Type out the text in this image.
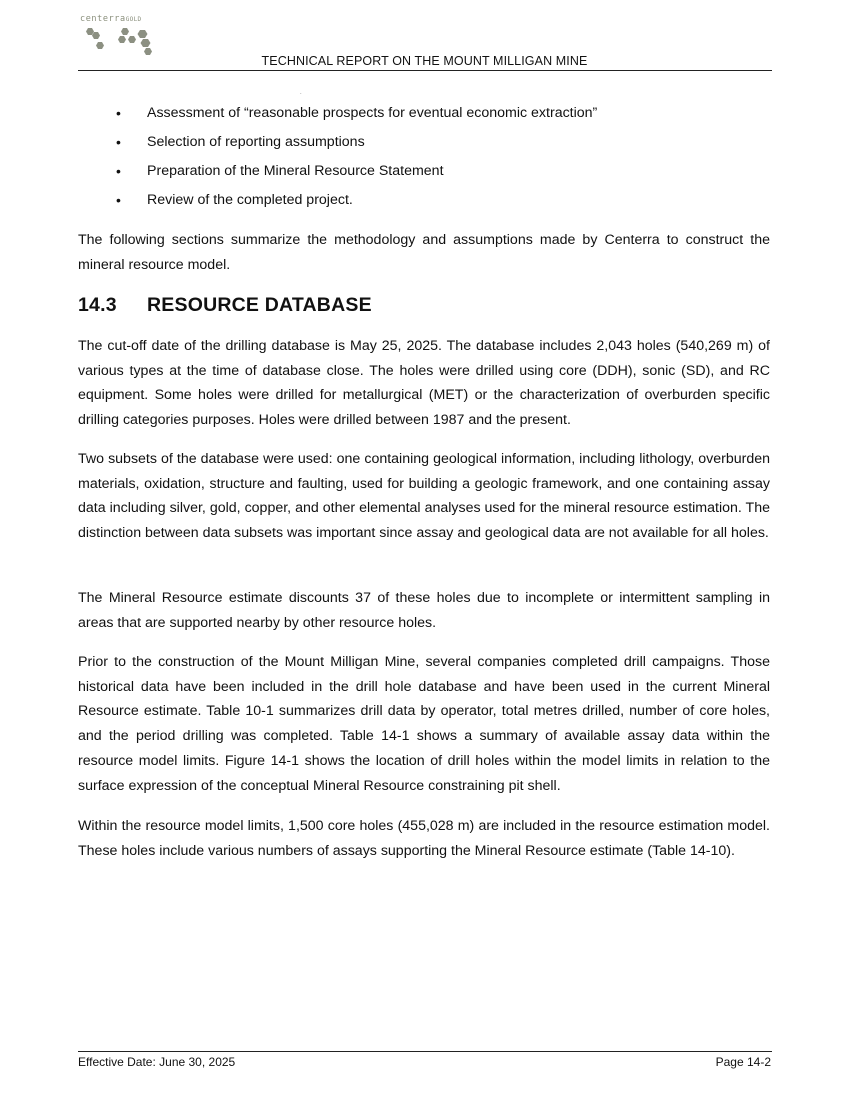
centerraGOLD
TECHNICAL REPORT ON THE MOUNT MILLIGAN MINE
.
• Assessment of “reasonable prospects for eventual economic extraction”
• Selection of reporting assumptions
• Preparation of the Mineral Resource Statement
• Review of the completed project.

The following sections summarize the methodology and assumptions made by Centerra to construct the mineral resource model.

14.3 RESOURCE DATABASE

The cut-off date of the drilling database is May 25, 2025. The database includes 2,043 holes (540,269 m) of various types at the time of database close. The holes were drilled using core (DDH), sonic (SD), and RC equipment. Some holes were drilled for metallurgical (MET) or the characterization of overburden specific drilling categories purposes. Holes were drilled between 1987 and the present.

Two subsets of the database were used: one containing geological information, including lithology, overburden materials, oxidation, structure and faulting, used for building a geologic framework, and one containing assay data including silver, gold, copper, and other elemental analyses used for the mineral resource estimation. The distinction between data subsets was important since assay and geological data are not available for all holes.

The Mineral Resource estimate discounts 37 of these holes due to incomplete or intermittent sampling in areas that are supported nearby by other resource holes.

Prior to the construction of the Mount Milligan Mine, several companies completed drill campaigns. Those historical data have been included in the drill hole database and have been used in the current Mineral Resource estimate. Table 10-1 summarizes drill data by operator, total metres drilled, number of core holes, and the period drilling was completed. Table 14-1 shows a summary of available assay data within the resource model limits. Figure 14-1 shows the location of drill holes within the model limits in relation to the surface expression of the conceptual Mineral Resource constraining pit shell.

Within the resource model limits, 1,500 core holes (455,028 m) are included in the resource estimation model. These holes include various numbers of assays supporting the Mineral Resource estimate (Table 14-10).

Effective Date: June 30, 2025	Page 14-2
